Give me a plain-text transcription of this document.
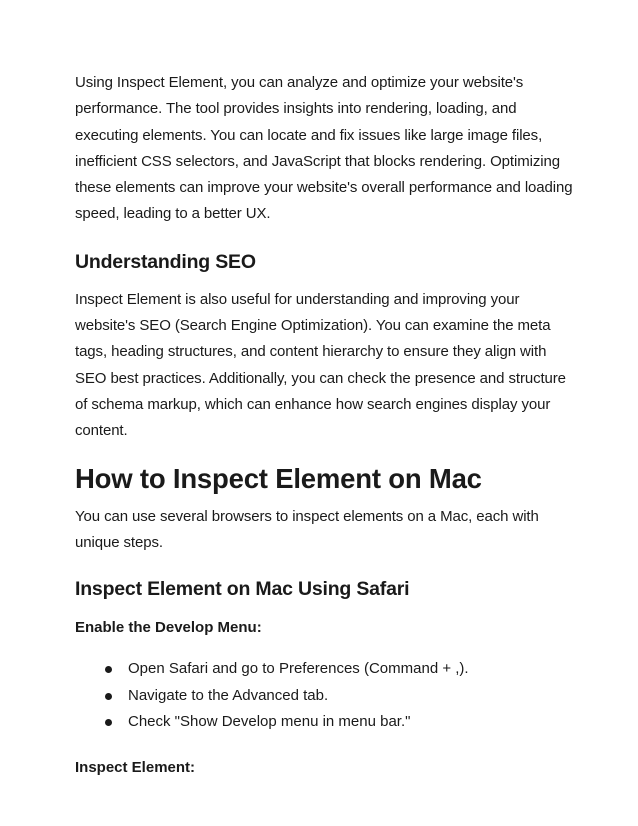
Using Inspect Element, you can analyze and optimize your website's performance. The tool provides insights into rendering, loading, and executing elements. You can locate and fix issues like large image files, inefficient CSS selectors, and JavaScript that blocks rendering. Optimizing these elements can improve your website's overall performance and loading speed, leading to a better UX.

Understanding SEO

Inspect Element is also useful for understanding and improving your website's SEO (Search Engine Optimization). You can examine the meta tags, heading structures, and content hierarchy to ensure they align with SEO best practices. Additionally, you can check the presence and structure of schema markup, which can enhance how search engines display your content.

How to Inspect Element on Mac

You can use several browsers to inspect elements on a Mac, each with unique steps.

Inspect Element on Mac Using Safari
Enable the Develop Menu:
Open Safari and go to Preferences (Command + ,).
Navigate to the Advanced tab.
Check "Show Develop menu in menu bar."
Inspect Element:
